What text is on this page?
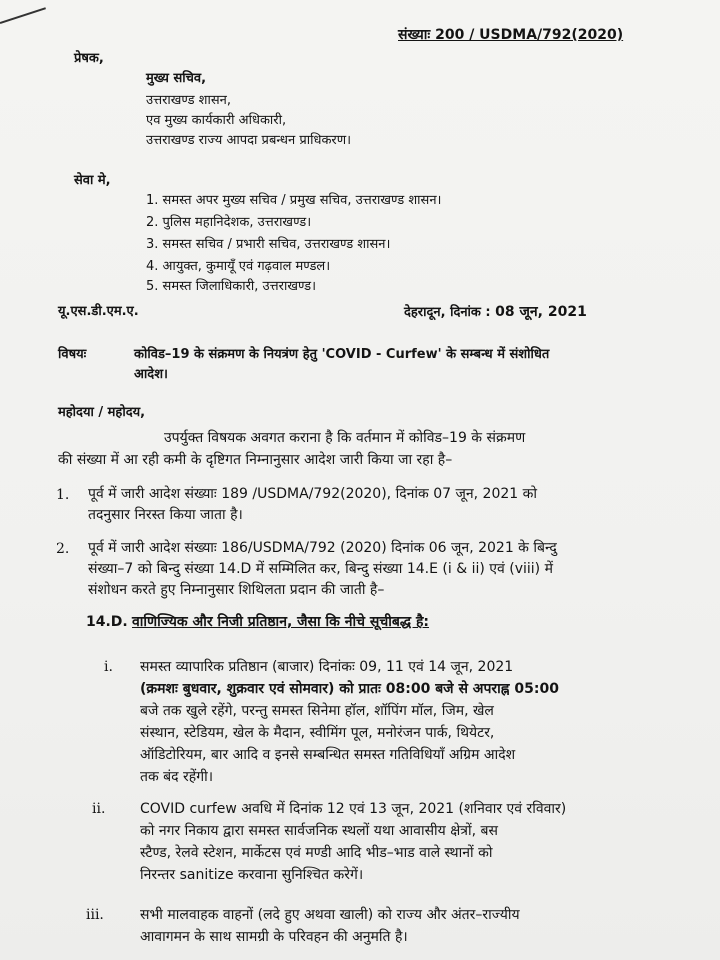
संख्याः 200 / USDMA/792(2020)
प्रेषक,
मुख्य सचिव,
उत्तराखण्ड शासन,
एव मुख्य कार्यकारी अधिकारी,
उत्तराखण्ड राज्य आपदा प्रबन्धन प्राधिकरण।
सेवा मे,
1. समस्त अपर मुख्य सचिव / प्रमुख सचिव, उत्तराखण्ड शासन।
2. पुलिस महानिदेशक, उत्तराखण्ड।
3. समस्त सचिव / प्रभारी सचिव, उत्तराखण्ड शासन।
4. आयुक्त, कुमायूँ एवं गढ़वाल मण्डल।
5. समस्त जिलाधिकारी, उत्तराखण्ड।
यू.एस.डी.एम.ए.	देहरादून, दिनांक : 08 जून, 2021
विषयः	कोविड–19 के संक्रमण के नियत्रंण हेतु 'COVID - Curfew' के सम्बन्ध में संशोधित
आदेश।
महोदया / महोदय,
उपर्युक्त विषयक अवगत कराना है कि वर्तमान में कोविड–19 के संक्रमण
की संख्या में आ रही कमी के दृष्टिगत निम्नानुसार आदेश जारी किया जा रहा है–
1. पूर्व में जारी आदेश संख्याः 189 /USDMA/792(2020), दिनांक 07 जून, 2021 को
तदनुसार निरस्त किया जाता है।
2. पूर्व में जारी आदेश संख्याः 186/USDMA/792 (2020) दिनांक 06 जून, 2021 के बिन्दु
संख्या–7 को बिन्दु संख्या 14.D में सम्मिलित कर, बिन्दु संख्या 14.E (i & ii) एवं (viii) में
संशोधन करते हुए निम्नानुसार शिथिलता प्रदान की जाती है–
14.D. वाणिज्यिक और निजी प्रतिष्ठान, जैसा कि नीचे सूचीबद्ध है:
i. समस्त व्यापारिक प्रतिष्ठान (बाजार) दिनांकः 09, 11 एवं 14 जून, 2021
(क्रमशः बुधवार, शुक्रवार एवं सोमवार) को प्रातः 08:00 बजे से अपराह्न 05:00
बजे तक खुले रहेंगे, परन्तु समस्त सिनेमा हॉल, शॉपिंग मॉल, जिम, खेल
संस्थान, स्टेडियम, खेल के मैदान, स्वीमिंग पूल, मनोरंजन पार्क, थियेटर,
ऑडिटोरियम, बार आदि व इनसे सम्बन्धित समस्त गतिविधियाँ अग्रिम आदेश
तक बंद रहेंगी।
ii. COVID curfew अवधि में दिनांक 12 एवं 13 जून, 2021 (शनिवार एवं रविवार)
को नगर निकाय द्वारा समस्त सार्वजनिक स्थलों यथा आवासीय क्षेत्रों, बस
स्टैण्ड, रेलवे स्टेशन, मार्केटस एवं मण्डी आदि भीड–भाड वाले स्थानों को
निरन्तर sanitize करवाना सुनिश्चित करेगें।
iii.	सभी मालवाहक वाहनों (लदे हुए अथवा खाली) को राज्य और अंतर–राज्यीय
आवागमन के साथ सामग्री के परिवहन की अनुमति है।
